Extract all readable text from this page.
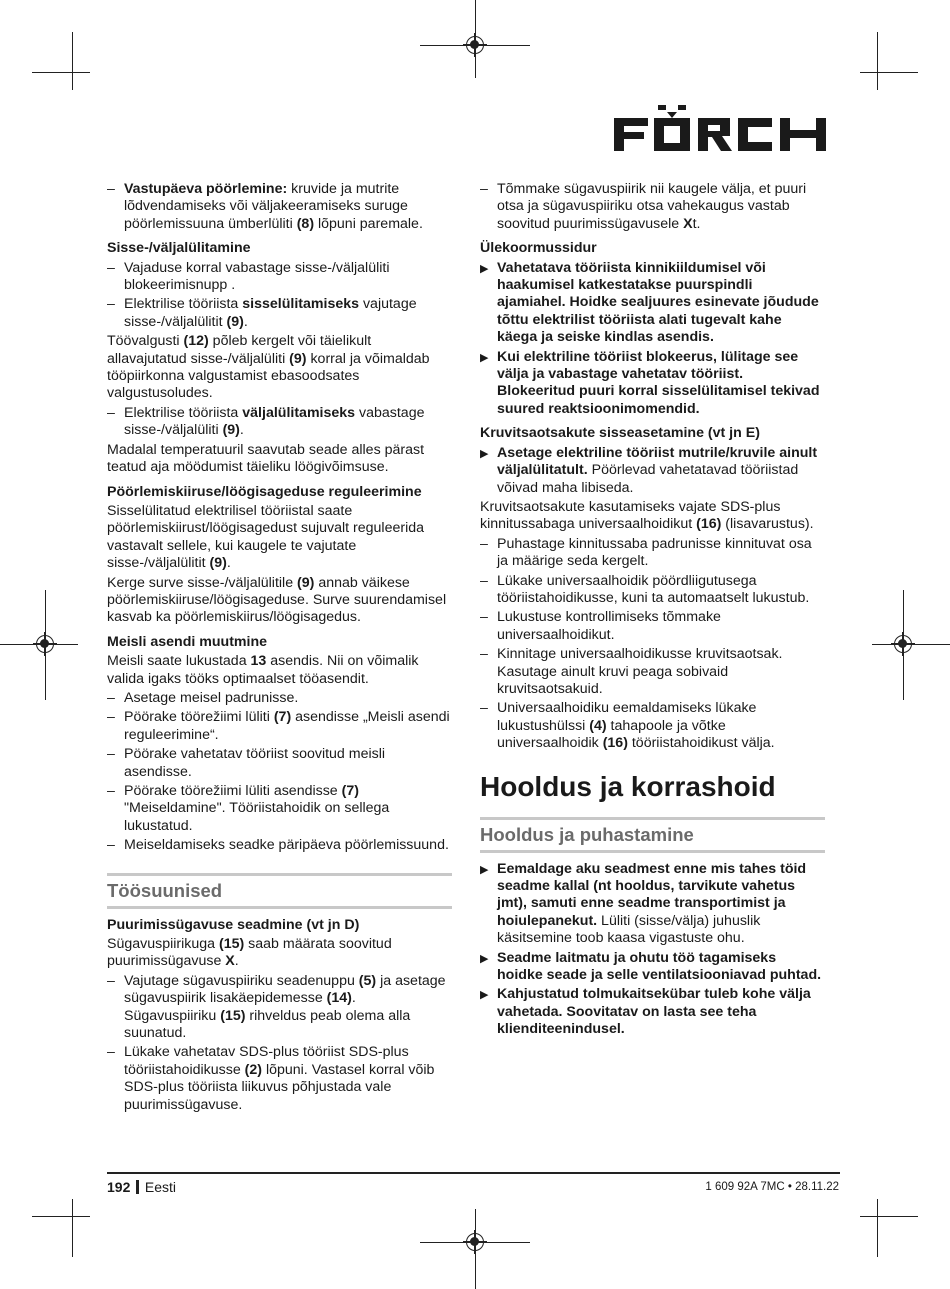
– Vastupäeva pöörlemine: kruvide ja mutrite lõdvendamiseks või väljakeeramiseks suruge pöörlemissuuna ümberlüliti (8) lõpuni paremale.
Sisse-/väljalülitamine
– Vajaduse korral vabastage sisse-/väljalüliti blokeerimisnupp .
– Elektrilise tööriista sisselülitamiseks vajutage sisse-/väljalülitit (9).
Töövalgusti (12) põleb kergelt või täielikult allavajutatud sisse-/väljalüliti (9) korral ja võimaldab tööpiirkonna valgustamist ebasoodsates valgustusoludes.
– Elektrilise tööriista väljalülitamiseks vabastage sisse-/väljalüliti (9).
Madalal temperatuuril saavutab seade alles pärast teatud aja möödumist täieliku löögivõimsuse.
Pöörlemiskiiruse/löögisageduse reguleerimine
Sisselülitatud elektrilisel tööriistal saate pöörlemiskiirust/löögisagedust sujuvalt reguleerida vastavalt sellele, kui kaugele te vajutate sisse-/väljalülitit (9).
Kerge surve sisse-/väljalülitile (9) annab väikese pöörlemiskiiruse/löögisageduse. Surve suurendamisel kasvab ka pöörlemiskiirus/löögisagedus.
Meisli asendi muutmine
Meisli saate lukustada 13 asendis. Nii on võimalik valida igaks tööks optimaalset tööasendit.
– Asetage meisel padrunisse.
– Pöörake töörežiimi lüliti (7) asendisse „Meisli asendi reguleerimine“.
– Pöörake vahetatav tööriist soovitud meisli asendisse.
– Pöörake töörežiimi lüliti asendisse (7) "Meiseldamine". Tööriistahoidik on sellega lukustatud.
– Meiseldamiseks seadke päripäeva pöörlemissuund.
Töösuunised
Puurimissügavuse seadmine (vt jn D)
Sügavuspiirikuga (15) saab määrata soovitud puurimissügavuse X.
– Vajutage sügavuspiiriku seadenuppu (5) ja asetage sügavuspiirik lisakäepidemesse (14). Sügavuspiiriku (15) rihveldus peab olema alla suunatud.
– Lükake vahetatav SDS-plus tööriist SDS-plus tööriistahoidikusse (2) lõpuni. Vastasel korral võib SDS-plus tööriista liikuvus põhjustada vale puurimissügavuse.
– Tõmmake sügavuspiirik nii kaugele välja, et puuri otsa ja sügavuspiiriku otsa vahekaugus vastab soovitud puurimissügavusele Xt.
Ülekoormussidur
▶ Vahetatava tööriista kinnikiildumisel või haakumisel katkestatakse puurspindli ajamiahel. Hoidke sealjuures esinevate jõudude tõttu elektrilist tööriista alati tugevalt kahe käega ja seiske kindlas asendis.
▶ Kui elektriline tööriist blokeerus, lülitage see välja ja vabastage vahetatav tööriist. Blokeeritud puuri korral sisselülitamisel tekivad suured reaktsioonimomendid.
Kruvitsaotsakute sisseasetamine (vt jn E)
▶ Asetage elektriline tööriist mutrile/kruvile ainult väljalülitatult. Pöörlevad vahetatavad tööriistad võivad maha libiseda.
Kruvitsaotsakute kasutamiseks vajate SDS-plus kinnitussabaga universaalhoidikut (16) (lisavarustus).
– Puhastage kinnitussaba padrunisse kinnituvat osa ja määrige seda kergelt.
– Lükake universaalhoidik pöördliigutusega tööriistahoidikusse, kuni ta automaatselt lukustub.
– Lukustuse kontrollimiseks tõmmake universaalhoidikut.
– Kinnitage universaalhoidikusse kruvitsaotsak. Kasutage ainult kruvi peaga sobivaid kruvitsaotsakuid.
– Universaalhoidiku eemaldamiseks lükake lukustushülssi (4) tahapoole ja võtke universaalhoidik (16) tööriistahoidikust välja.
Hooldus ja korrashoid
Hooldus ja puhastamine
▶ Eemaldage aku seadmest enne mis tahes töid seadme kallal (nt hooldus, tarvikute vahetus jmt), samuti enne seadme transportimist ja hoiulepanekut. Lüliti (sisse/välja) juhuslik käsitsemine toob kaasa vigastuste ohu.
▶ Seadme laitmatu ja ohutu töö tagamiseks hoidke seade ja selle ventilatsiooniavad puhtad.
▶ Kahjustatud tolmukaitsekübar tuleb kohe välja vahetada. Soovitatav on lasta see teha klienditeenindusel.
192 Eesti	1 609 92A 7MC • 28.11.22
